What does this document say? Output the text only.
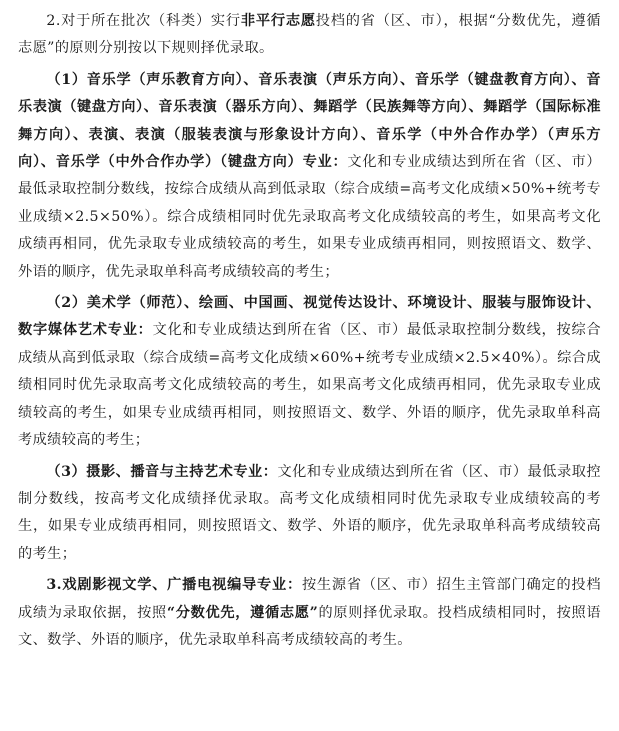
2.对于所在批次（科类）实行非平行志愿投档的省（区、市），根据“分数优先，遵循志愿”的原则分别按以下规则择优录取。

（1）音乐学（声乐教育方向）、音乐表演（声乐方向）、音乐学（键盘教育方向）、音乐表演（键盘方向）、音乐表演（器乐方向）、舞蹈学（民族舞等方向）、舞蹈学（国际标准舞方向）、表演、表演（服装表演与形象设计方向）、音乐学（中外合作办学）（声乐方向）、音乐学（中外合作办学）（键盘方向）专业：文化和专业成绩达到所在省（区、市）最低录取控制分数线，按综合成绩从高到低录取（综合成绩=高考文化成绩×50%+统考专业成绩×2.5×50%）。综合成绩相同时优先录取高考文化成绩较高的考生，如果高考文化成绩再相同，优先录取专业成绩较高的考生，如果专业成绩再相同，则按照语文、数学、外语的顺序，优先录取单科高考成绩较高的考生；

（2）美术学（师范）、绘画、中国画、视觉传达设计、环境设计、服装与服饰设计、数字媒体艺术专业：文化和专业成绩达到所在省（区、市）最低录取控制分数线，按综合成绩从高到低录取（综合成绩=高考文化成绩×60%+统考专业成绩×2.5×40%）。综合成绩相同时优先录取高考文化成绩较高的考生，如果高考文化成绩再相同，优先录取专业成绩较高的考生，如果专业成绩再相同，则按照语文、数学、外语的顺序，优先录取单科高考成绩较高的考生；

（3）摄影、播音与主持艺术专业：文化和专业成绩达到所在省（区、市）最低录取控制分数线，按高考文化成绩择优录取。高考文化成绩相同时优先录取专业成绩较高的考生，如果专业成绩再相同，则按照语文、数学、外语的顺序，优先录取单科高考成绩较高的考生；

3.戏剧影视文学、广播电视编导专业：按生源省（区、市）招生主管部门确定的投档成绩为录取依据，按照“分数优先，遵循志愿”的原则择优录取。投档成绩相同时，按照语文、数学、外语的顺序，优先录取单科高考成绩较高的考生。
